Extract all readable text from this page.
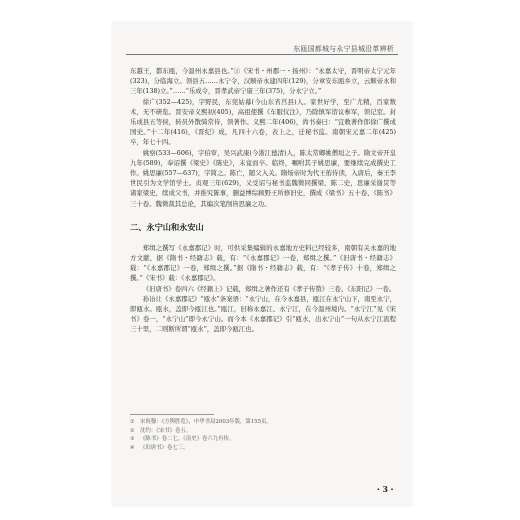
东瓯国都城与永宁县城沿革辨析

东越王，都东瓯，今温州永嘉县也。”①《宋书・州郡一・扬州》：“永嘉太守，晋明帝太宁元年(323)，分临海立。领县五……永宁令，汉顺帝永建四年(129)，分章安东瓯乡立，云顺帝永和三年(138)立。”……“乐成令，晋孝武帝宁康三年(375)，分永宁立。”

徐广(352—425)，字野民，东莞姑幕(今山东省莒县)人。家世好学，至广尤精，百家数术，无不研览。晋安帝义熙初(405)，高祖使撰《车服仪注》，乃除镇军谘议参军，领记室。封乐成县五等侯，转员外散骑常侍，领著作。义熙二年(406)，尚书奏曰：“宜敕著作郎徐广撰成国史。”十二年(416)，《晋纪》成，凡四十六卷，表上之，迁秘书监。南朝宋元嘉二年(425)卒，年七十四。

姚察(533—606)，字伯审，吴兴武康(今浙江德清)人，陈太常卿姚僧垣之子。隋文帝开皇九年(589)，奉诏撰《梁史》《陈史》，未竟而卒。临终，嘱咐其子姚思廉，要继续完成撰史工作。姚思廉(557—637)，字简之。陈亡，随父入关。隋炀帝时为代王侑侍读，入唐后，秦王李世民引为文学馆学士。贞观三年(629)，又受诏与秘书监魏徵同撰梁、陈二史，思廉采谢炅等诸家梁史，续成父书，并推究陈事，删益博综顾野王所修旧史，撰成《梁书》五十卷、《陈书》三十卷。魏徵裁其总论，其编次笔削皆思廉之功。

二、永宁山和永安山

郑缉之撰写《永嘉郡记》时，可供采集编辑的永嘉地方史料已经较多，南朝有关永嘉的地方文献，据《隋书・经籍志》载，有：“《永嘉郡记》一卷，郑缉之撰。”《旧唐书・经籍志》载：“《永嘉郡记》一卷，郑缉之撰。”据《隋书・经籍志》载，有：“《孝子传》十卷，郑缉之撰。”《宋书》载：《永嘉郡记》。

《旧唐书》卷四六《经籍上》记载，郑缉之著作还有《孝子传赞》三卷、《东阳记》一卷。

孙诒让《永嘉郡记》“瓯水”条案语：“永宁山，在今永嘉县，瓯江在永宁山下，南至永宁，即瓯水。瓯水，盖即今瓯江也。”瓯江，旧称永嘉江、永宁江，在今温州境内。“永宁江”见《宋书》卷一，“永宁山”即今永宁山。而今本《永嘉郡记》引“瓯水，出永宁山”一句从永宁江流程三十里，二则断所谓“瓯水”，盖即今瓯江也。

① 宋祝穆：《方舆胜览》，中华书局2003年版，第155页。
② 沈约：《宋书》卷五。
③ 《陈书》卷二七，《南史》卷六九有传。
④ 《旧唐书》卷七三。
・3・
